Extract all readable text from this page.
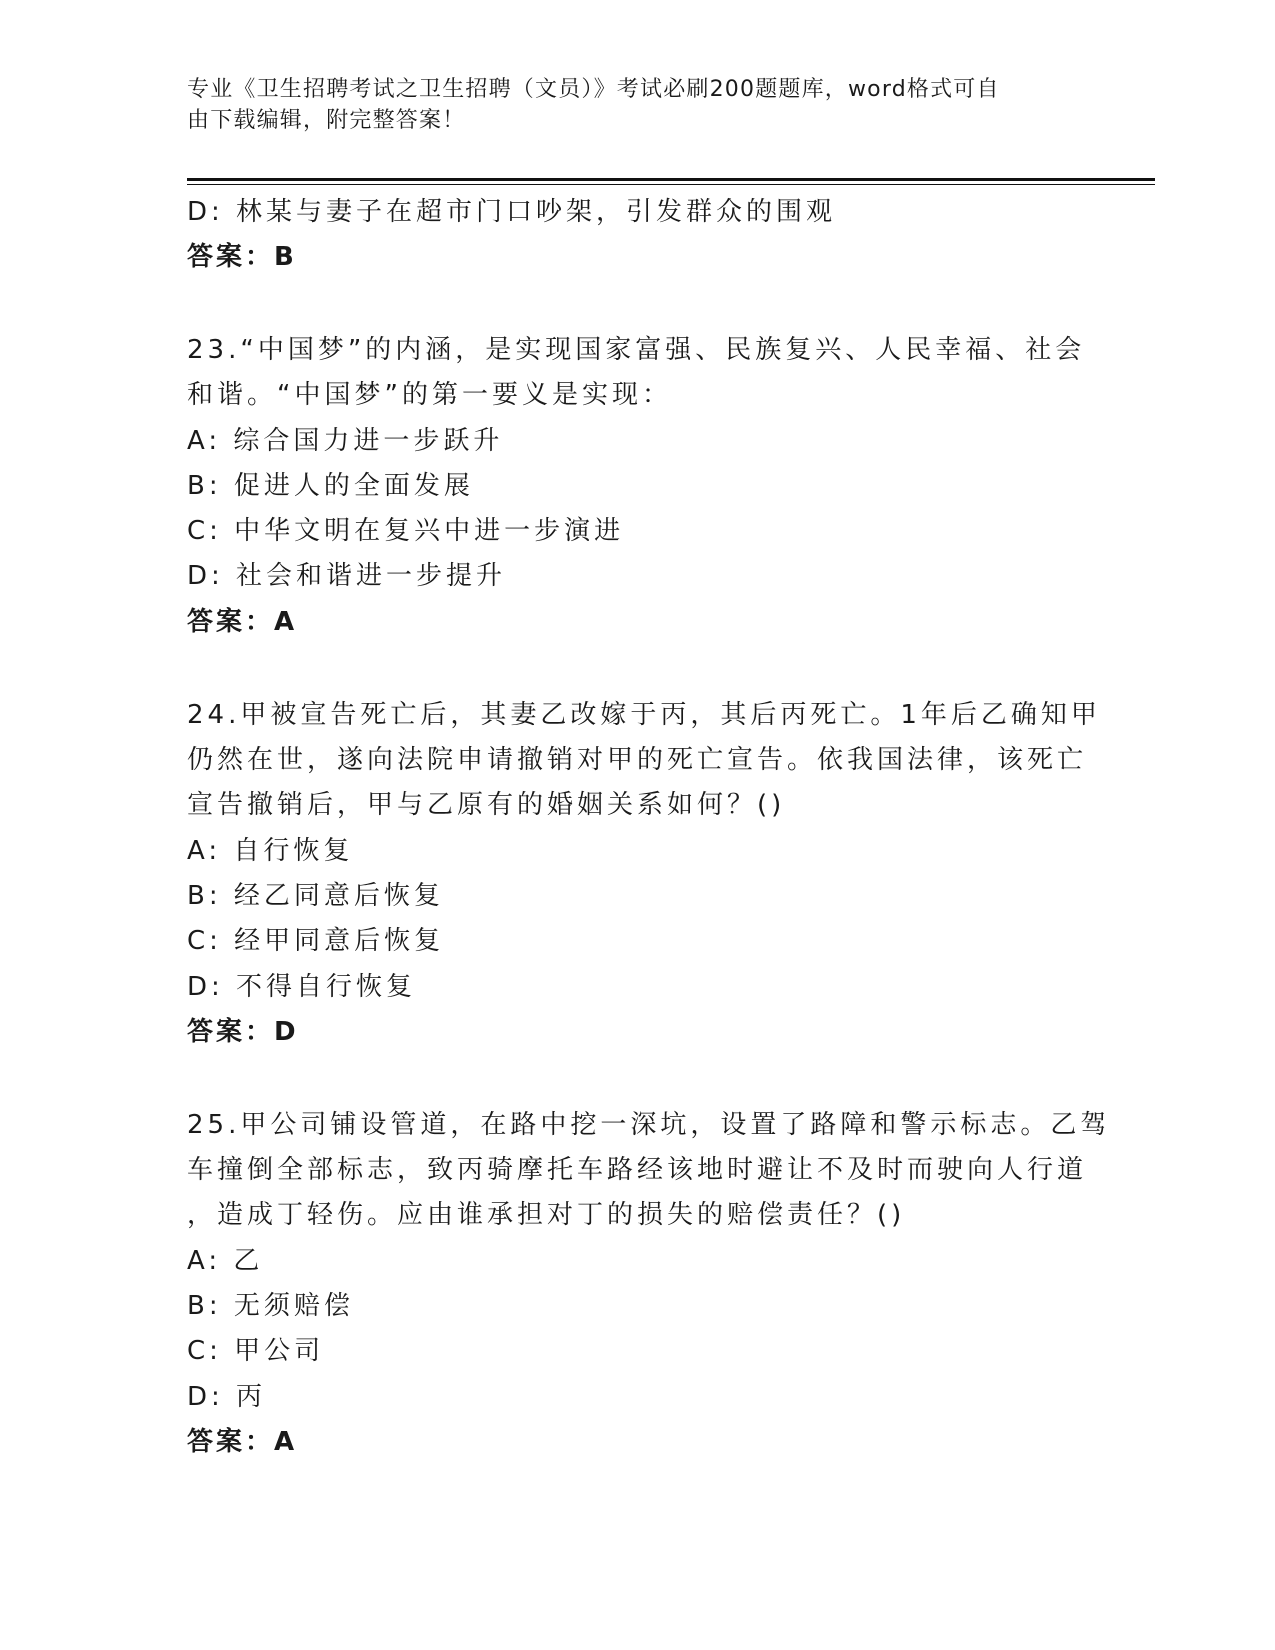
专业《卫生招聘考试之卫生招聘（文员）》考试必刷200题题库，word格式可自
由下载编辑，附完整答案！
D: 林某与妻子在超市门口吵架，引发群众的围观
答案：B
23.“中国梦”的内涵，是实现国家富强、民族复兴、人民幸福、社会
和谐。“中国梦”的第一要义是实现：
A: 综合国力进一步跃升
B: 促进人的全面发展
C: 中华文明在复兴中进一步演进
D: 社会和谐进一步提升
答案：A
24.甲被宣告死亡后，其妻乙改嫁于丙，其后丙死亡。1年后乙确知甲
仍然在世，遂向法院申请撤销对甲的死亡宣告。依我国法律，该死亡
宣告撤销后，甲与乙原有的婚姻关系如何？()
A: 自行恢复
B: 经乙同意后恢复
C: 经甲同意后恢复
D: 不得自行恢复
答案：D
25.甲公司铺设管道，在路中挖一深坑，设置了路障和警示标志。乙驾
车撞倒全部标志，致丙骑摩托车路经该地时避让不及时而驶向人行道
，造成丁轻伤。应由谁承担对丁的损失的赔偿责任？()
A: 乙
B: 无须赔偿
C: 甲公司
D: 丙
答案：A
